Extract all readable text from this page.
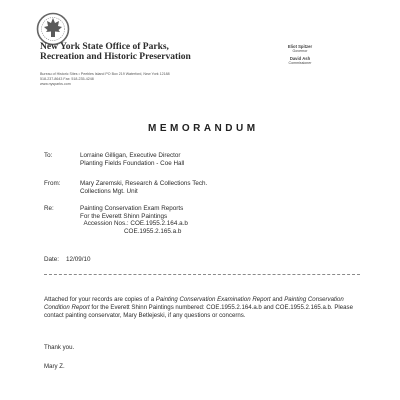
New York State Office of Parks,
Recreation and Historic Preservation
Bureau of Historic Sites • Peebles Island PO Box 219 Waterford, New York 12188
518-237-8643 Fax: 518-235-4248
www.nysparks.com
Eliot Spitzer
Governor
David Ash
Commissioner
MEMORANDUM
To:	Lorraine Gilligan, Executive Director
Planting Fields Foundation - Coe Hall
From:	Mary Zaremski, Research & Collections Tech.
Collections Mgt. Unit
Re:	Painting Conservation Exam Reports
For the Everett Shinn Paintings
Accession Nos.: COE.1955.2.164.a.b
COE.1955.2.165.a.b
Date: 12/09/10

Attached for your records are copies of a Painting Conservation Examination Report and Painting Conservation Condition Report for the Everett Shinn Paintings numbered: COE.1955.2.164.a.b and COE.1955.2.165.a.b. Please contact painting conservator, Mary Betlejeski, if any questions or concerns.

Thank you.
Mary Z.
